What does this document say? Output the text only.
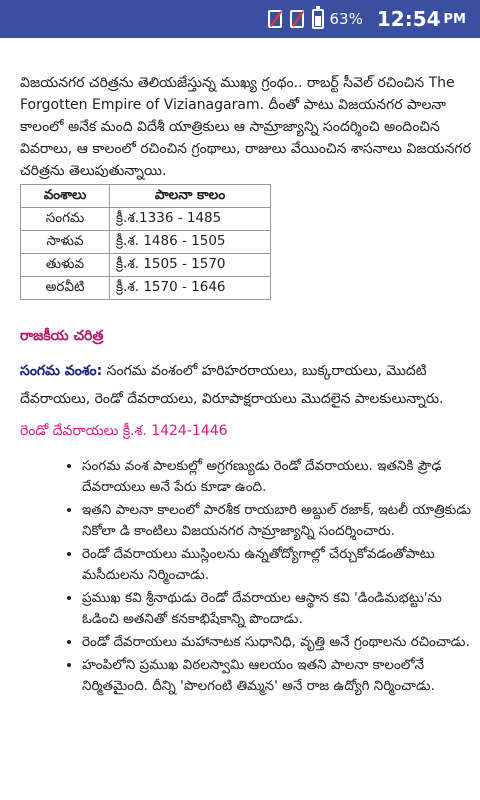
63% 12:54 PM

విజయనగర చరిత్రను తెలియజేస్తున్న ముఖ్య గ్రంథం.. రాబర్ట్ సీవెల్ రచించిన The Forgotten Empire of Vizianagaram. దీంతో పాటు విజయనగర పాలనా కాలంలో అనేక మంది విదేశీ యాత్రికులు ఆ సామ్రాజ్యాన్ని సందర్శించి అందించిన వివరాలు, ఆ కాలంలో రచించిన గ్రంథాలు, రాజులు వేయించిన శాసనాలు విజయనగర చరిత్రను తెలుపుతున్నాయి.

వంశాలు	పాలనా కాలం
సంగమ	క్రీ.శ.1336 - 1485
సాళువ	క్రీ.శ. 1486 - 1505
తుళువ	క్రీ.శ. 1505 - 1570
అరవీటి	క్రీ.శ. 1570 - 1646
రాజకీయ చరిత్ర
సంగమ వంశం: సంగమ వంశంలో హరిహరరాయలు, బుక్కరాయలు, మొదటి దేవరాయలు, రెండో దేవరాయలు, విరూపాక్షరాయలు మొదలైన పాలకులున్నారు.
రెండో దేవరాయలు క్రీ.శ. 1424-1446
• సంగమ వంశ పాలకుల్లో అగ్రగణ్యుడు రెండో దేవరాయలు. ఇతనికి ప్రౌఢ దేవరాయలు అనే పేరు కూడా ఉంది.
• ఇతని పాలనా కాలంలో పారశీక రాయబారి అబ్దుల్ రజాక్, ఇటలీ యాత్రికుడు నికోలా డి కాంటిలు విజయనగర సామ్రాజ్యాన్ని సందర్శించారు.
• రెండో దేవరాయలు ముస్లింలను ఉన్నతోద్యోగాల్లో చేర్చుకోవడంతోపాటు మసీదులను నిర్మించాడు.
• ప్రముఖ కవి శ్రీనాథుడు రెండో దేవరాయల ఆస్థాన కవి 'డిండిమభట్టు'ను ఓడించి అతనితో కనకాభిషేకాన్ని పొందాడు.
• రెండో దేవరాయలు మహానాటక సుధానిధి, వృత్తి అనే గ్రంథాలను రచించాడు.
• హంపిలోని ప్రముఖ విఠలస్వామి ఆలయం ఇతని పాలనా కాలంలోనే నిర్మితమైంది. దీన్ని 'పొలగంటి తిమ్మన' అనే రాజ ఉద్యోగి నిర్మించాడు.
